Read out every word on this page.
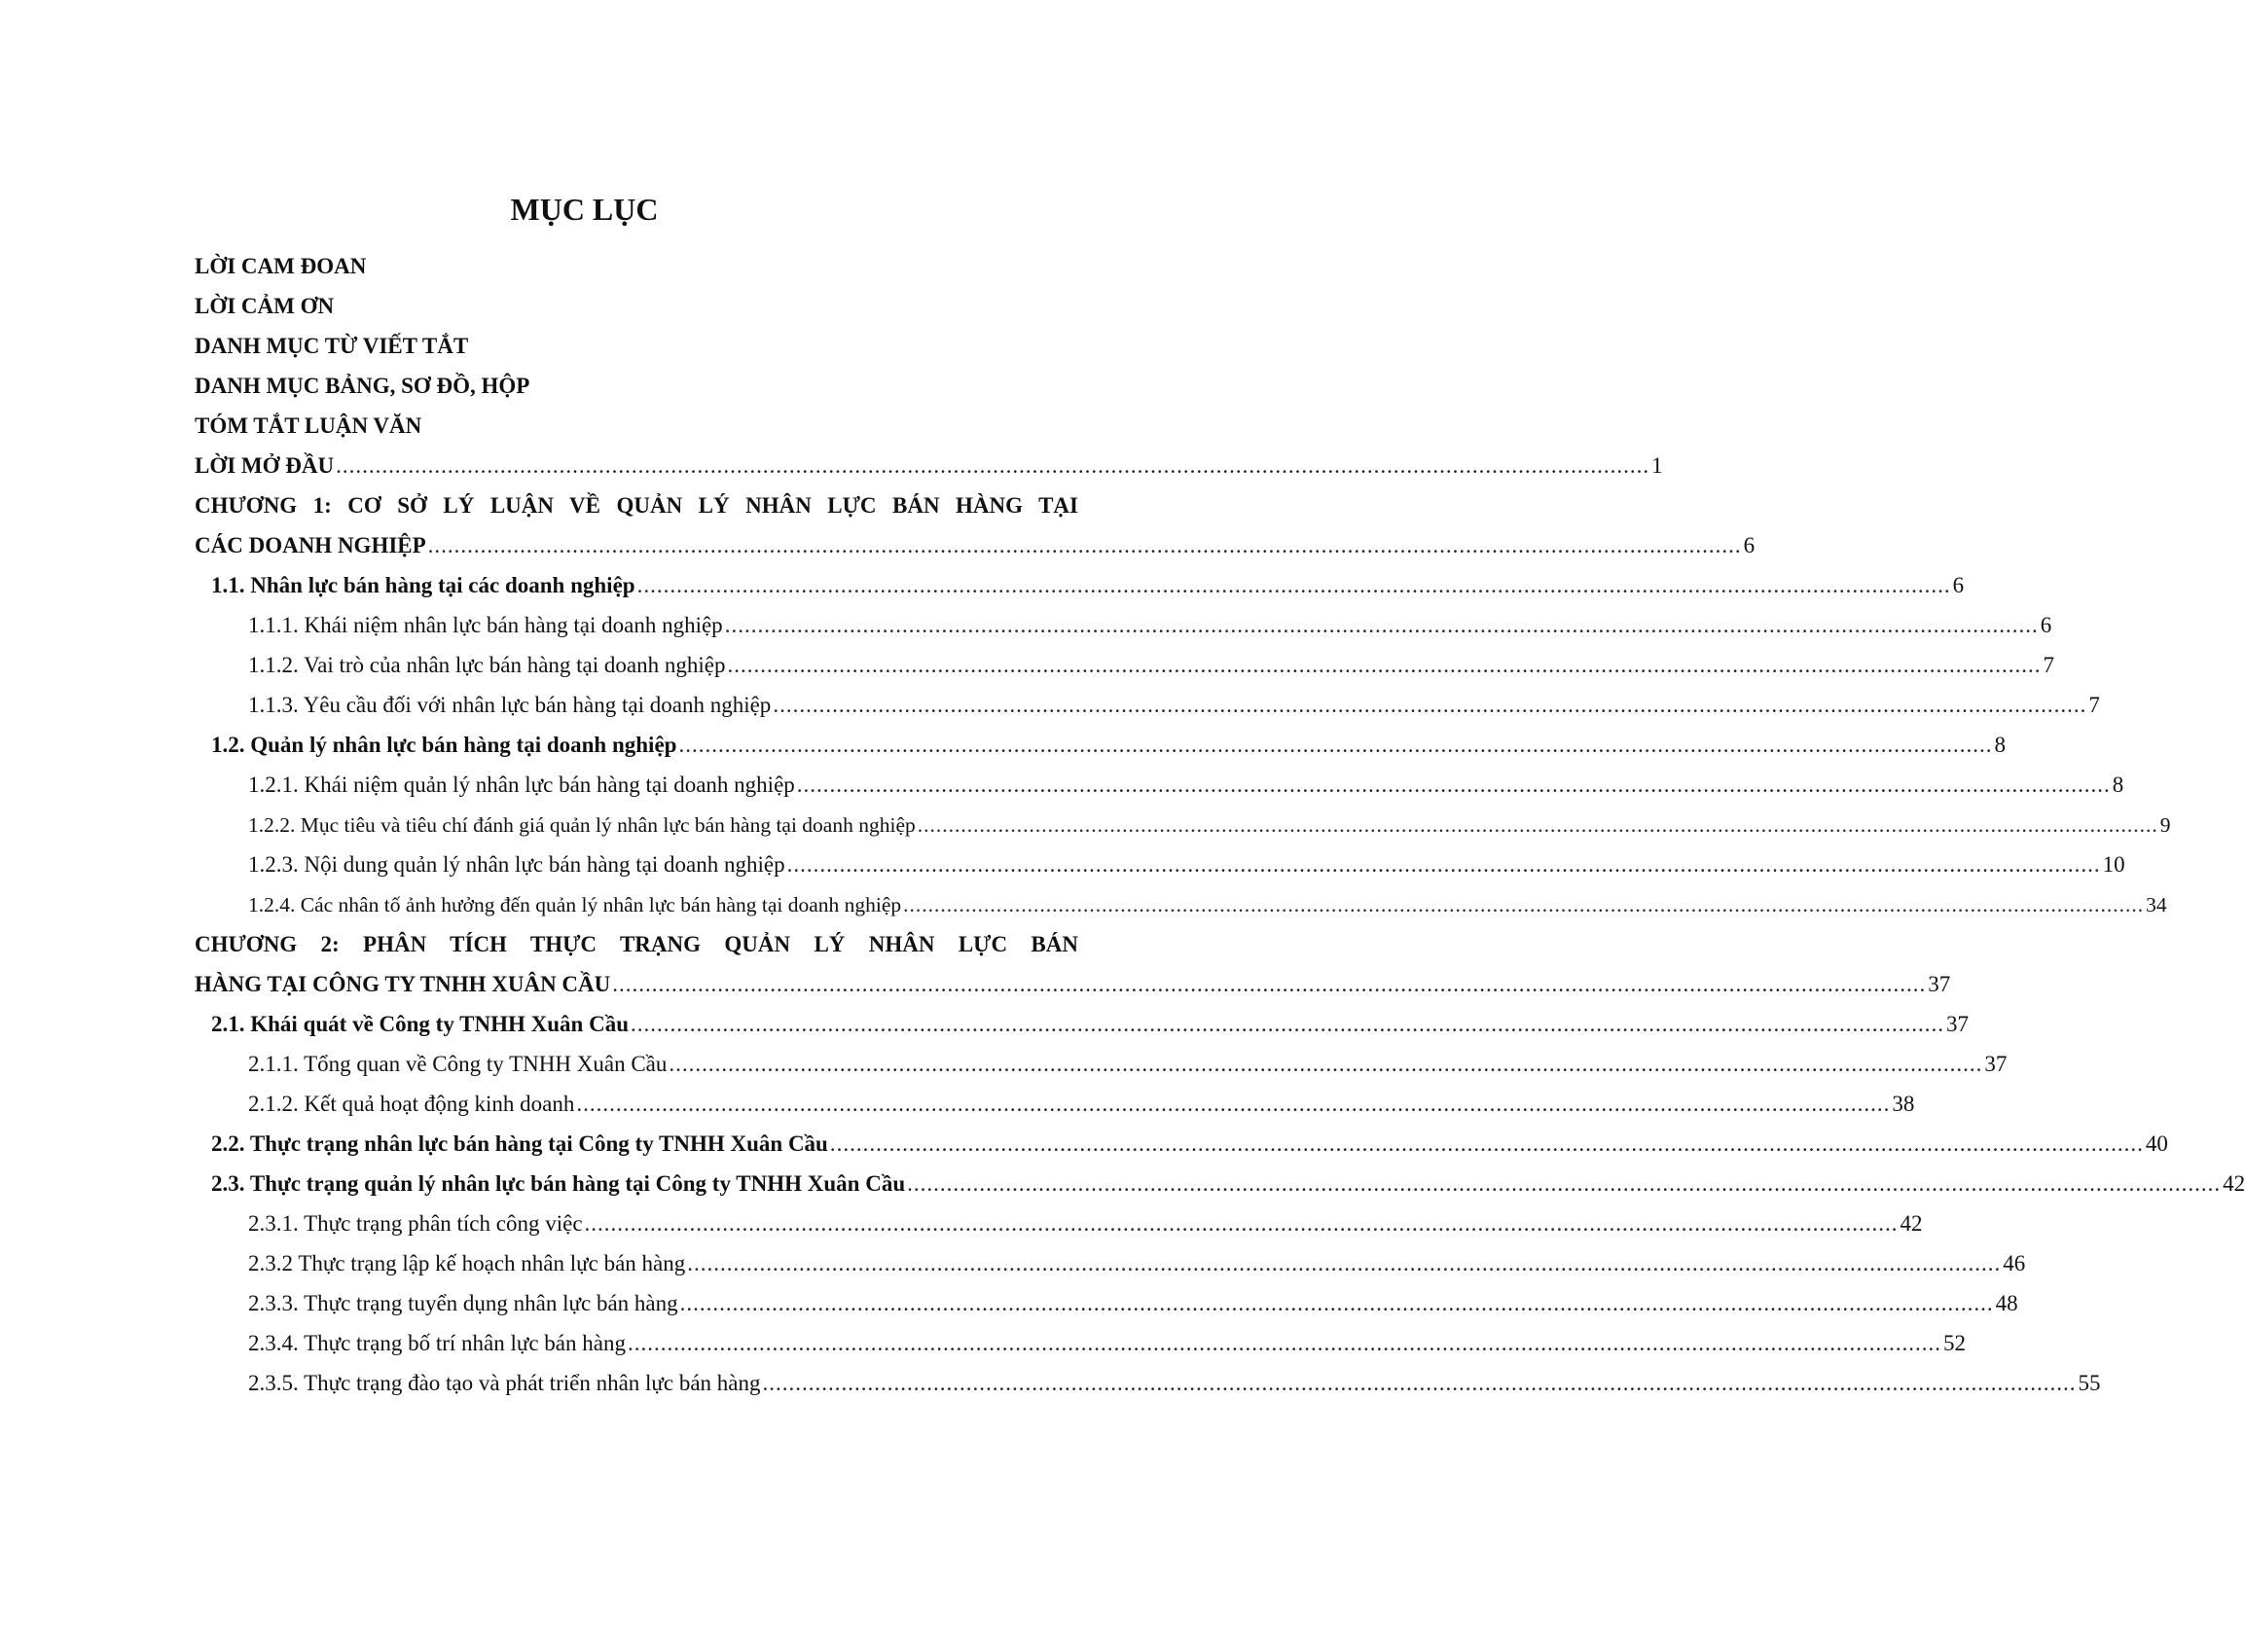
MỤC LỤC
LỜI CAM ĐOAN
LỜI CẢM ƠN
DANH MỤC TỪ VIẾT TẮT
DANH MỤC BẢNG, SƠ ĐỒ, HỘP
TÓM TẮT LUẬN VĂN
LỜI MỞ ĐẦU ........................................................................................................................................................................................................ 1
CHƯƠNG 1: CƠ SỞ LÝ LUẬN VỀ QUẢN LÝ NHÂN LỰC BÁN HÀNG TẠI
CÁC DOANH NGHIỆP ........................................................................................................................................................................................................ 6
1.1. Nhân lực bán hàng tại các doanh nghiệp ........................................................................................................................................................................................................ 6
1.1.1. Khái niệm nhân lực bán hàng tại doanh nghiệp ........................................................................................................................................................................................................ 6
1.1.2. Vai trò của nhân lực bán hàng tại doanh nghiệp ........................................................................................................................................................................................................ 7
1.1.3. Yêu cầu đối với nhân lực bán hàng tại doanh nghiệp ........................................................................................................................................................................................................ 7
1.2. Quản lý nhân lực bán hàng tại doanh nghiệp ........................................................................................................................................................................................................ 8
1.2.1. Khái niệm quản lý nhân lực bán hàng tại doanh nghiệp ........................................................................................................................................................................................................ 8
1.2.2. Mục tiêu và tiêu chí đánh giá quản lý nhân lực bán hàng tại doanh nghiệp ........................................................................................................................................................................................................ 9
1.2.3. Nội dung quản lý nhân lực bán hàng tại doanh nghiệp ........................................................................................................................................................................................................ 10
1.2.4. Các nhân tố ảnh hưởng đến quản lý nhân lực bán hàng tại doanh nghiệp ........................................................................................................................................................................................................ 34
CHƯƠNG 2: PHÂN TÍCH THỰC TRẠNG QUẢN LÝ NHÂN LỰC BÁN
HÀNG TẠI CÔNG TY TNHH XUÂN CẦU ........................................................................................................................................................................................................ 37
2.1. Khái quát về Công ty TNHH Xuân Cầu ........................................................................................................................................................................................................ 37
2.1.1. Tổng quan về Công ty TNHH Xuân Cầu ........................................................................................................................................................................................................ 37
2.1.2. Kết quả hoạt động kinh doanh ........................................................................................................................................................................................................ 38
2.2. Thực trạng nhân lực bán hàng tại Công ty TNHH Xuân Cầu ........................................................................................................................................................................................................ 40
2.3. Thực trạng quản lý nhân lực bán hàng tại Công ty TNHH Xuân Cầu ........................................................................................................................................................................................................ 42
2.3.1. Thực trạng phân tích công việc ........................................................................................................................................................................................................ 42
2.3.2 Thực trạng lập kế hoạch nhân lực bán hàng ........................................................................................................................................................................................................ 46
2.3.3. Thực trạng tuyển dụng nhân lực bán hàng ........................................................................................................................................................................................................ 48
2.3.4. Thực trạng bố trí nhân lực bán hàng ........................................................................................................................................................................................................ 52
2.3.5. Thực trạng đào tạo và phát triển nhân lực bán hàng ........................................................................................................................................................................................................ 55
